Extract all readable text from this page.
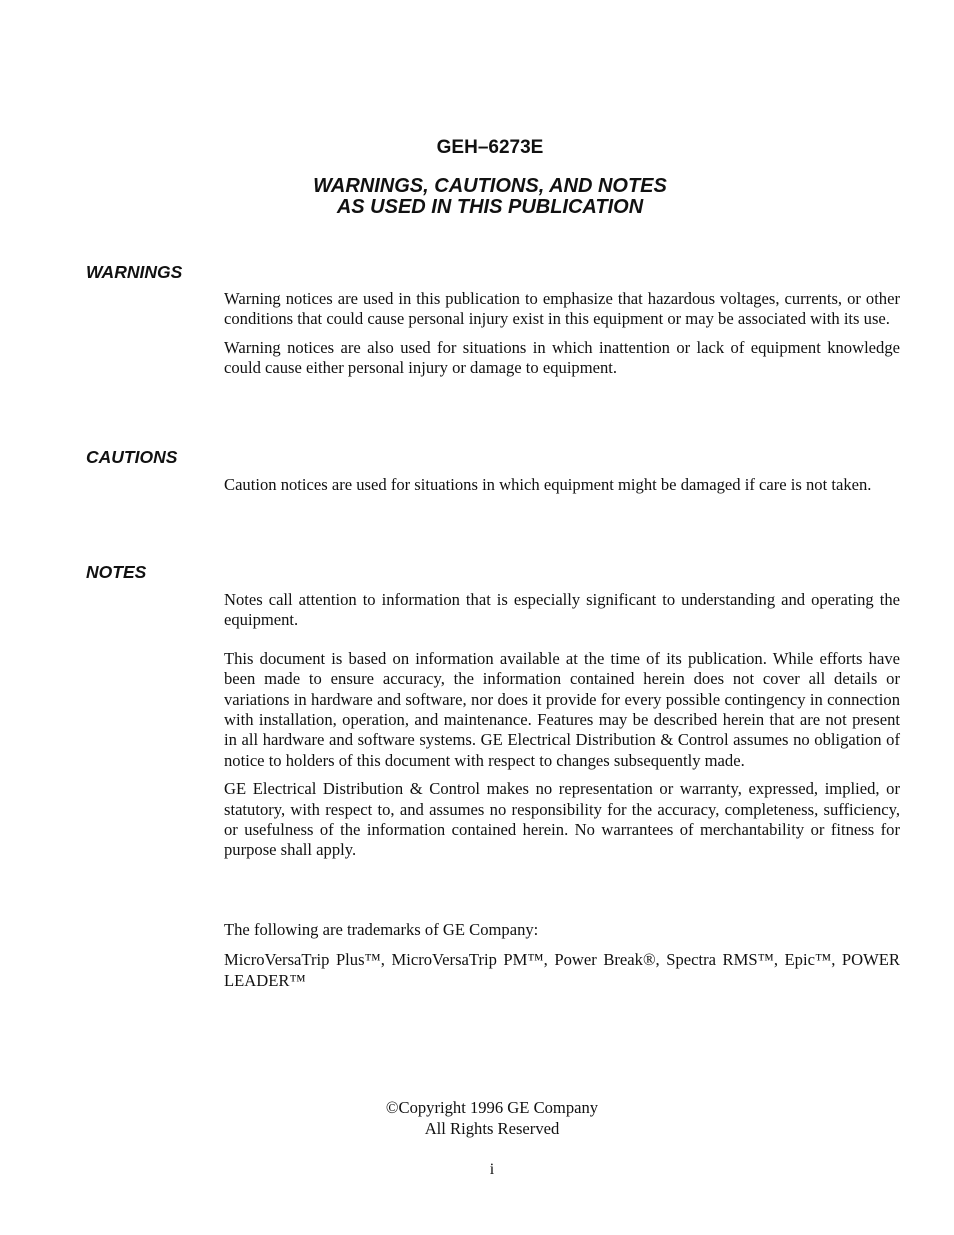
GEH–6273E
WARNINGS, CAUTIONS, AND NOTES
AS USED IN THIS PUBLICATION
WARNINGS

Warning notices are used in this publication to emphasize that hazardous voltages, currents, or other conditions that could cause personal injury exist in this equipment or may be associated with its use.

Warning notices are also used for situations in which inattention or lack of equipment knowledge could cause either personal injury or damage to equipment.

CAUTIONS

Caution notices are used for situations in which equipment might be damaged if care is not taken.

NOTES

Notes call attention to information that is especially significant to understanding and operating the equipment.

This document is based on information available at the time of its publication. While efforts have been made to ensure accuracy, the information contained herein does not cover all details or variations in hardware and software, nor does it provide for every possible contingency in connection with installation, operation, and maintenance. Features may be described herein that are not present in all hardware and software systems. GE Electrical Distribution & Control assumes no obligation of notice to holders of this document with respect to changes subsequently made.

GE Electrical Distribution & Control makes no representation or warranty, expressed, implied, or statutory, with respect to, and assumes no responsibility for the accuracy, completeness, sufficiency, or usefulness of the information contained herein. No warrantees of merchantability or fitness for purpose shall apply.

The following are trademarks of GE Company:

MicroVersaTrip Plus™, MicroVersaTrip PM™, Power Break®, Spectra RMS™, Epic™, POWER LEADER™

©Copyright 1996 GE Company
All Rights Reserved
i
